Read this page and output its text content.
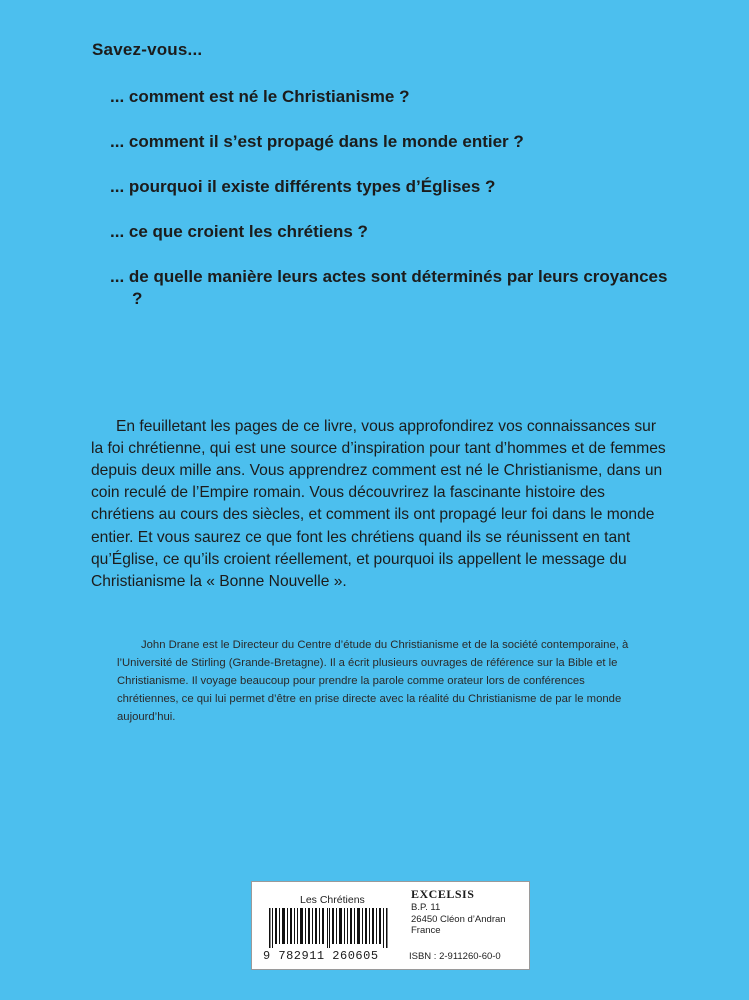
Savez-vous...
... comment est né le Christianisme ?
... comment il s’est propagé dans le monde entier ?
... pourquoi il existe différents types d’Églises ?
... ce que croient les chrétiens ?
... de quelle manière leurs actes sont déterminés par leurs croyances ?

En feuilletant les pages de ce livre, vous approfondirez vos connaissances sur la foi chrétienne, qui est une source d’inspiration pour tant d’hommes et de femmes depuis deux mille ans. Vous apprendrez comment est né le Christianisme, dans un coin reculé de l’Empire romain. Vous découvrirez la fascinante histoire des chrétiens au cours des siècles, et comment ils ont propagé leur foi dans le monde entier. Et vous saurez ce que font les chrétiens quand ils se réunissent en tant qu’Église, ce qu’ils croient réellement, et pourquoi ils appellent le message du Christianisme la « Bonne Nouvelle ».

John Drane est le Directeur du Centre d’étude du Christianisme et de la société contemporaine, à l’Université de Stirling (Grande-Bretagne). Il a écrit plusieurs ouvrages de référence sur la Bible et le Christianisme. Il voyage beaucoup pour prendre la parole comme orateur lors de conférences chrétiennes, ce qui lui permet d’être en prise directe avec la réalité du Christianisme de par le monde aujourd’hui.

Les Chrétiens
9 782911 260605
EXCELSIS
B.P. 11
26450 Cléon d’Andran
France
ISBN : 2-911260-60-0
